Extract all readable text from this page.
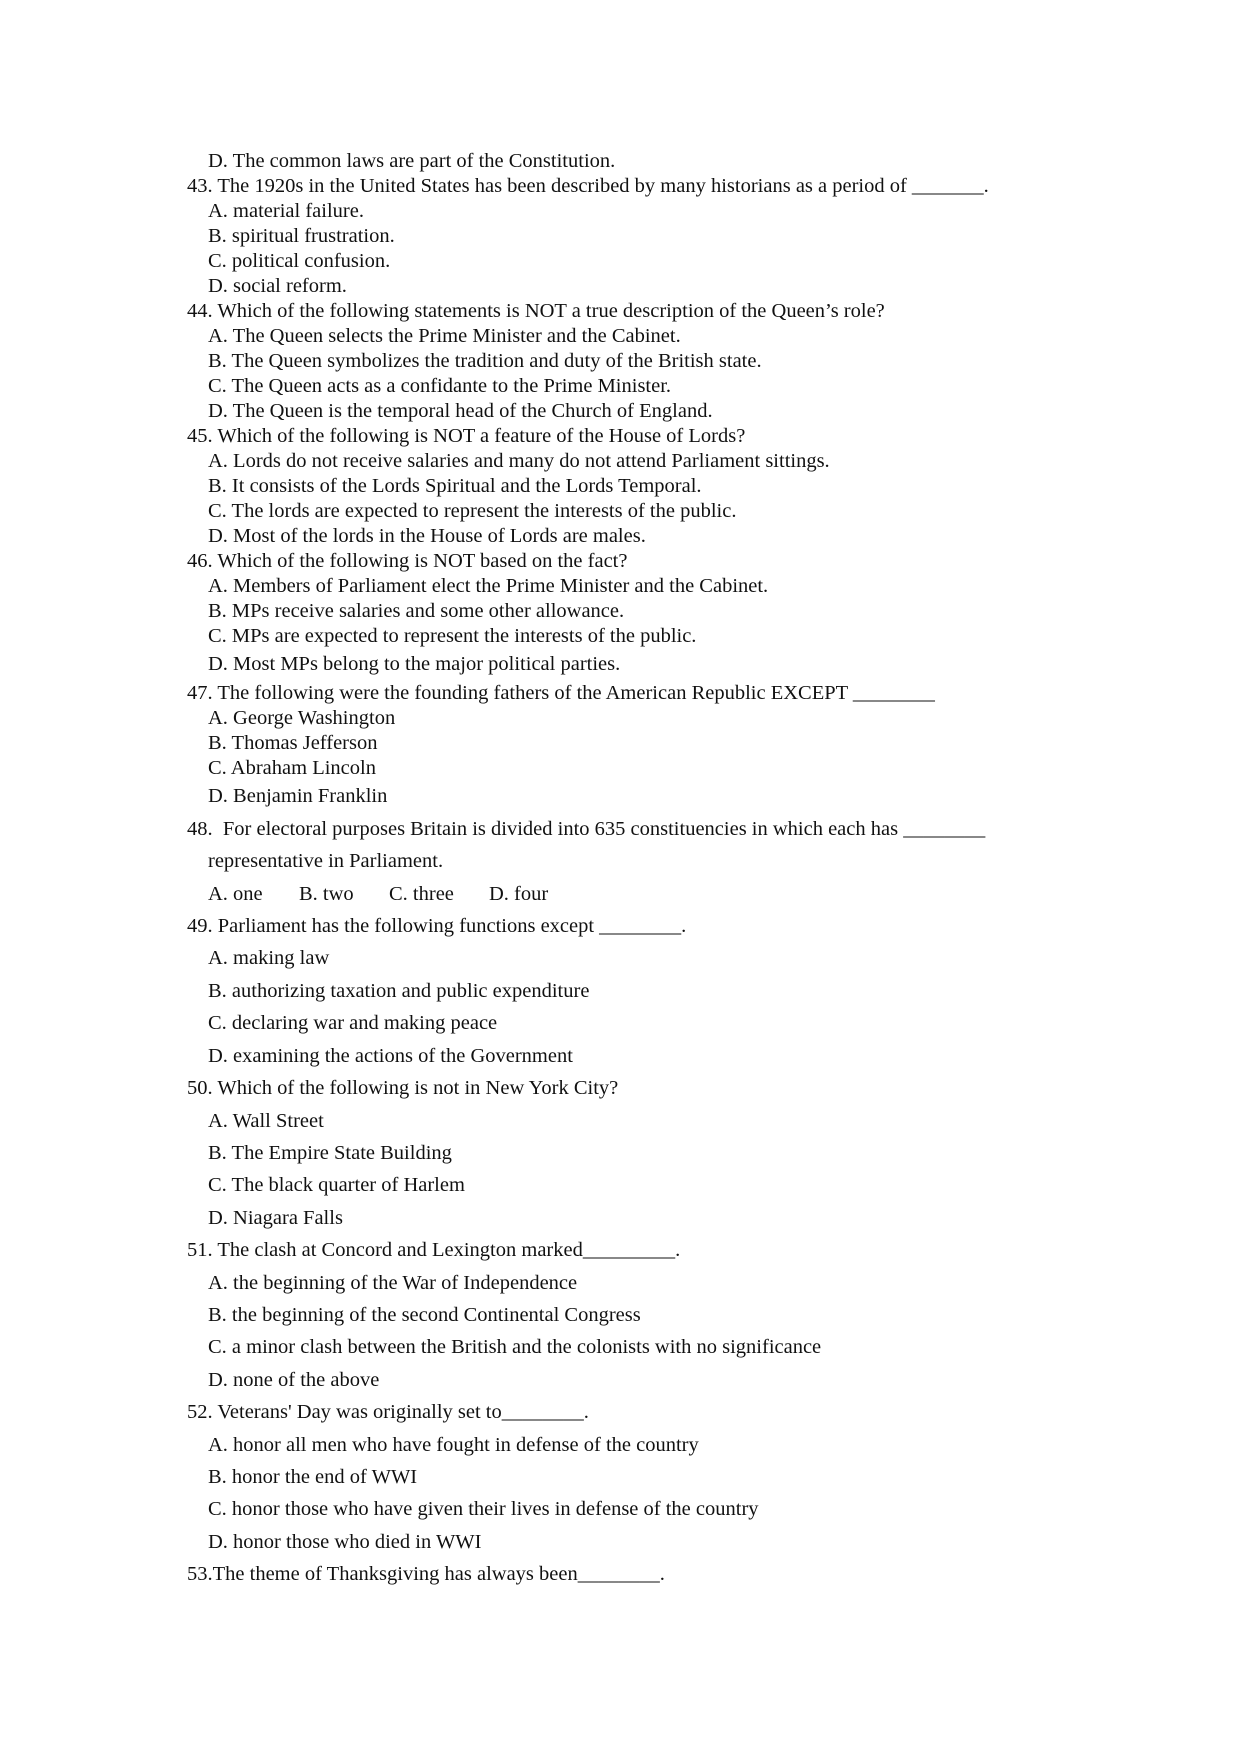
D. The common laws are part of the Constitution.
43. The 1920s in the United States has been described by many historians as a period of _______.
A. material failure.
B. spiritual frustration.
C. political confusion.
D. social reform.
44. Which of the following statements is NOT a true description of the Queen’s role?
A. The Queen selects the Prime Minister and the Cabinet.
B. The Queen symbolizes the tradition and duty of the British state.
C. The Queen acts as a confidante to the Prime Minister.
D. The Queen is the temporal head of the Church of England.
45. Which of the following is NOT a feature of the House of Lords?
A. Lords do not receive salaries and many do not attend Parliament sittings.
B. It consists of the Lords Spiritual and the Lords Temporal.
C. The lords are expected to represent the interests of the public.
D. Most of the lords in the House of Lords are males.
46. Which of the following is NOT based on the fact?
A. Members of Parliament elect the Prime Minister and the Cabinet.
B. MPs receive salaries and some other allowance.
C. MPs are expected to represent the interests of the public.
D. Most MPs belong to the major political parties.
47. The following were the founding fathers of the American Republic EXCEPT ________
A. George Washington
B. Thomas Jefferson
C. Abraham Lincoln
D. Benjamin Franklin
48.  For electoral purposes Britain is divided into 635 constituencies in which each has ________
representative in Parliament.
A. one B. two C. three D. four
49. Parliament has the following functions except ________.
A. making law
B. authorizing taxation and public expenditure
C. declaring war and making peace
D. examining the actions of the Government
50. Which of the following is not in New York City?
A. Wall Street
B. The Empire State Building
C. The black quarter of Harlem
D. Niagara Falls
51. The clash at Concord and Lexington marked_________.
A. the beginning of the War of Independence
B. the beginning of the second Continental Congress
C. a minor clash between the British and the colonists with no significance
D. none of the above
52. Veterans' Day was originally set to________.
A. honor all men who have fought in defense of the country
B. honor the end of WWI
C. honor those who have given their lives in defense of the country
D. honor those who died in WWI
53.The theme of Thanksgiving has always been________.
